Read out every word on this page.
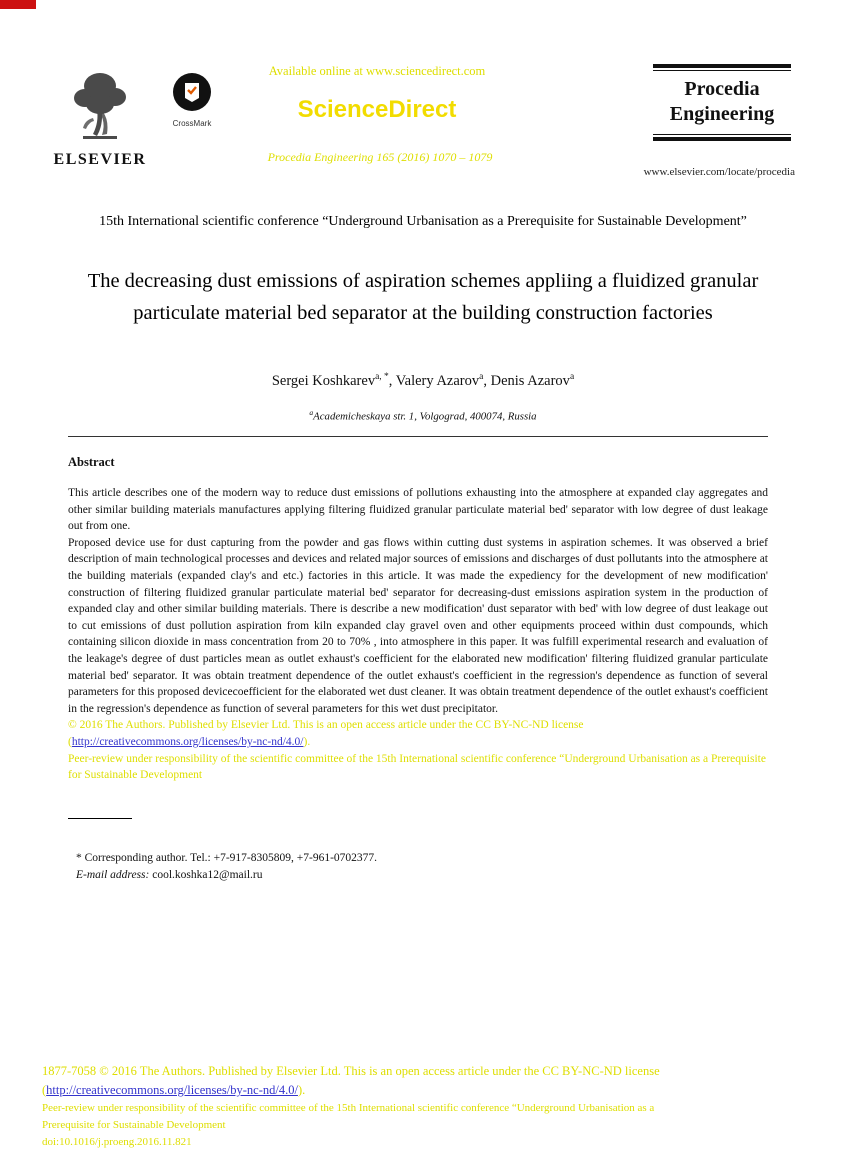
ELSEVIER
CrossMark
Available online at www.sciencedirect.com
ScienceDirect
Procedia Engineering 165 (2016) 1070 – 1079
Procedia
Engineering
www.elsevier.com/locate/procedia
15th International scientific conference “Underground Urbanisation as a Prerequisite for Sustainable Development”
The decreasing dust emissions of aspiration schemes appliing a fluidized granular particulate material bed separator at the building construction factories
Sergei Koshkarev$^{a, *}$, Valery Azarov$^a$, Denis Azarov$^a$
$^a$Academicheskaya str. 1, Volgograd, 400074, Russia
Abstract

This article describes one of the modern way to reduce dust emissions of pollutions exhausting into the atmosphere at expanded clay aggregates and other similar building materials manufactures applying filtering fluidized granular particulate material bed' separator with low degree of dust leakage out from one.

Proposed device use for dust capturing from the powder and gas flows within cutting dust systems in aspiration schemes. It was observed a brief description of main technological processes and devices and related major sources of emissions and discharges of dust pollutants into the atmosphere at the building materials (expanded clay's and etc.) factories in this article. It was made the expediency for the development of new modification' construction of filtering fluidized granular particulate material bed' separator for decreasing-dust emissions aspiration system in the production of expanded clay and other similar building materials. There is describe a new modification' dust separator with bed' with low degree of dust leakage out to cut emissions of dust pollution aspiration from kiln expanded clay gravel oven and other equipments proceed within dust compounds, which containing silicon dioxide in mass concentration from 20 to 70% , into atmosphere in this paper. It was fulfill experimental research and evaluation of the leakage's degree of dust particles mean as outlet exhaust's coefficient for the elaborated new modification' filtering fluidized granular particulate material bed' separator. It was obtain treatment dependence of the outlet exhaust's coefficient in the regression's dependence as function of several parameters for this proposed devicecoefficient for the elaborated wet dust cleaner. It was obtain treatment dependence of the outlet exhaust's coefficient in the regression's dependence as function of several parameters for this wet dust precipitator.

© 2016 The Authors. Published by Elsevier Ltd. This is an open access article under the CC BY-NC-ND license
(http://creativecommons.org/licenses/by-nc-nd/4.0/).
Peer-review under responsibility of the scientific committee of the 15th International scientific conference “Underground Urbanisation as a Prerequisite for Sustainable Development
* Corresponding author. Tel.: +7-917-8305809, +7-961-0702377.
E-mail address: cool.koshka12@mail.ru
1877-7058 © 2016 The Authors. Published by Elsevier Ltd. This is an open access article under the CC BY-NC-ND license
(http://creativecommons.org/licenses/by-nc-nd/4.0/).
Peer-review under responsibility of the scientific committee of the 15th International scientific conference “Underground Urbanisation as a
Prerequisite for Sustainable Development
doi:10.1016/j.proeng.2016.11.821
